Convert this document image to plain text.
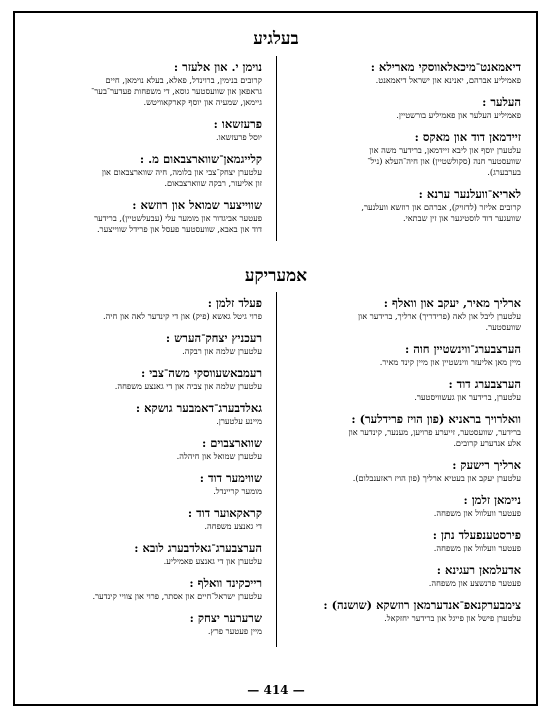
בעלגיע
דיאמאנט־מיכאלאווסקי מארילא :
פאמיליע אברהם, יאנינא און ישראל דיאמאנט.
העלער :
פאמיליע העלער און פאמיליע בורשטיין.
זיידמאן דוד און מאקס :
עלטערן יוסף און ליבא זיידמאן, ברידער משה און
שוועסטער חנה (סקולשטיין) און חיה־העלא (ניל־
בערבערג).
לאריא־וועלנער ערנא :
קרובים אליזר (לדזויק), אברהם און רוזשא וועלנער,
שוועגער דוד לוסטיגער און זין שבתאי.
נוימן י. און אלעזר :
קרובים בנימין, ברוינדל, פאלא, בעלא נוימאן, חיים
גראפאן און שוועסטער גוסא, די משפחות פעדער־בער־
גיימאן, שמעיה און יוסף קארקאוויטש.
פרעזשאו :
יוסל פרעזשאו.
קלייגמאן־שווארצבאום מ. :
עלטערן יצחק־צבי און בלומה, חיה שווארצבאום און
זון אליעזר, רבקה שווארצבאום.
שווייצער שמואל און רוזשא :
פעטער אביגדור און מומער עלי (עבעלשטיין), ברידער
דוד און באבא, שוועסטער פעסל און פרידל שווייצער.
אמעריקע
ארליך מאיר, יעקב און וואלף :
עלטערן ליבל און לאה (פרידריך) ארליך, ברידער און
שוועסטער.
הערצבערג־ווינשטיין חוה :
מיין מאן אליעזר ווינשטיין און מיין קינד מאיר.
הערצבערג דוד :
עלטערן, ברידער און געשוויסטער.
וואלרויך בראניא (פון הויז פרידלער) :
ברידער, שוועסטער, זייערע פרויען, מענער, קינדער און
אלע אנדערע קרובים.
ארליך רישעק :
עלטערן יעקב און בעטיא ארליך (פון הויז ראזענבלום).
ניימאן זלמן :
פעטער וועלוול און משפחה.
פירסטענפעלד נתן :
פעטער וועלוול און משפחה.
אדעלמאן רעגינא :
פעטער פרנשצע און משפחה.
צימבערקנאפ־אנדערמאן רוזשקא (שושנה) :
עלטערן פישל און פייגל און ברידער יחזקאל.
פעלד זלמן :
פרוי גיטל גאשא (פיק) און די קינדער לאה און חיה.
רעכניץ יצחק־הערש :
עלטערן שלמה און רבקה.
רעמבאשעווסקי משה־צבי :
עלטערן שלמה און צביה און די גאנצע משפחה.
גאלדבערג־דאמבער גושקא :
מיינע עלטערן.
שווארצבוים :
עלטערן שמואל און חיהלה.
שווימער דוד :
מומער קריינדל.
קראקאוער דוד :
די גאנצע משפחה.
הערצבערג־גאלדבערג לובא :
עלטערן און די גאנצע פאמיליע.
רייכקינד וואלף :
עלטערן ישראל־חיים און אסתר, פרוי און צוויי קינדער.
שרערער יצחק :
מיין פעטער פרץ.
— 414 —
